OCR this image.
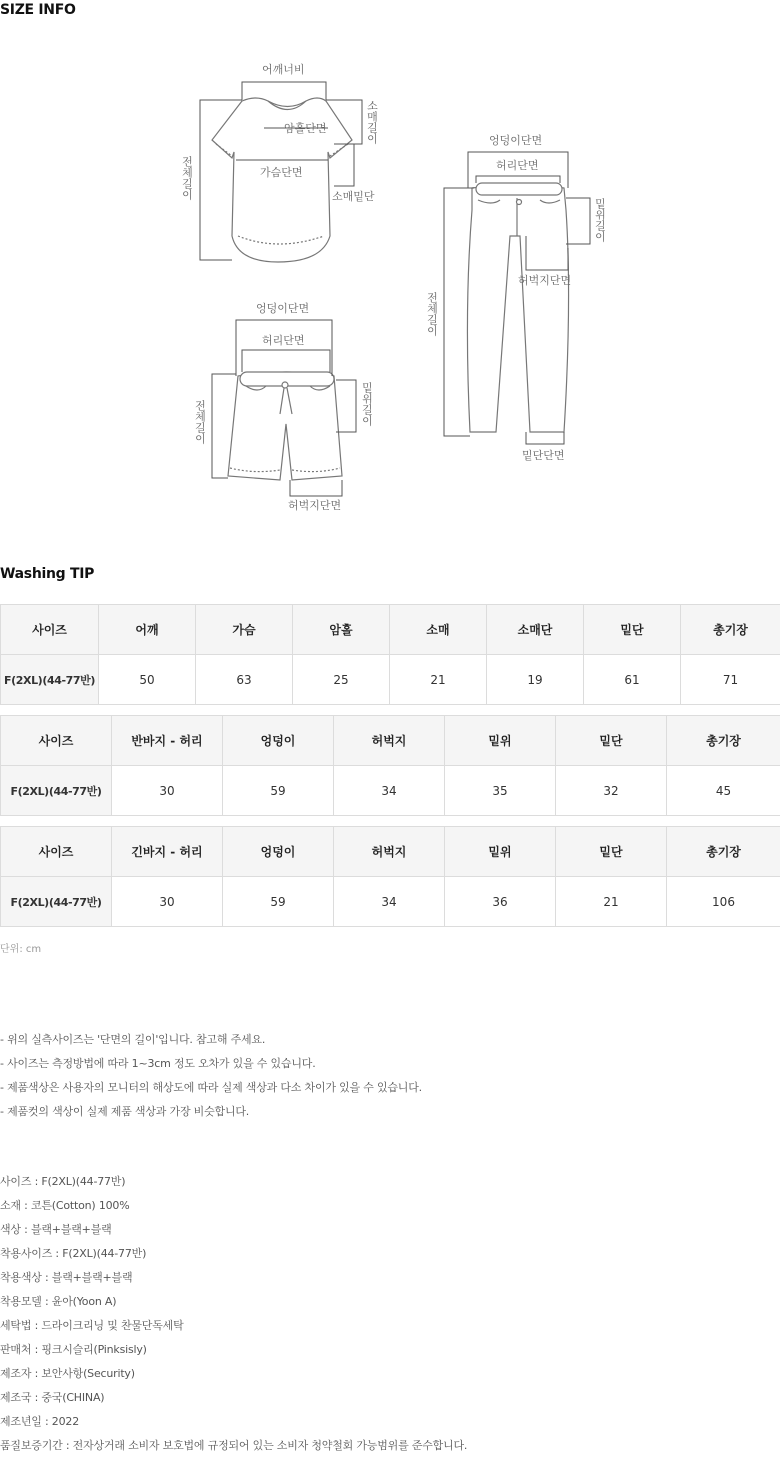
SIZE INFO
어깨너비
암홀단면
가슴단면
소매밑단
소매길이
전체길이
엉덩이단면
허리단면
허벅지단면
밑단단면
밑위길이
전체길이
엉덩이단면
허리단면
허벅지단면
밑위길이
전체길이
Washing TIP
사이즈	어깨	가슴	암홀	소매	소매단	밑단	총기장
F(2XL)(44-77반)	50	63	25	21	19	61	71
사이즈	반바지 - 허리	엉덩이	허벅지	밑위	밑단	총기장
F(2XL)(44-77반)	30	59	34	35	32	45
사이즈	긴바지 - 허리	엉덩이	허벅지	밑위	밑단	총기장
F(2XL)(44-77반)	30	59	34	36	21	106
단위: cm
- 위의 실측사이즈는 '단면의 길이'입니다. 참고해 주세요.
- 사이즈는 측정방법에 따라 1~3cm 정도 오차가 있을 수 있습니다.
- 제품색상은 사용자의 모니터의 해상도에 따라 실제 색상과 다소 차이가 있을 수 있습니다.
- 제품컷의 색상이 실제 제품 색상과 가장 비슷합니다.
사이즈 : F(2XL)(44-77반)
소재 : 코튼(Cotton) 100%
색상 : 블랙+블랙+블랙
착용사이즈 : F(2XL)(44-77반)
착용색상 : 블랙+블랙+블랙
착용모델 : 윤아(Yoon A)
세탁법 : 드라이크리닝 및 찬물단독세탁
판매처 : 핑크시슬리(Pinksisly)
제조자 : 보안사항(Security)
제조국 : 중국(CHINA)
제조년일 : 2022
품질보증기간 : 전자상거래 소비자 보호법에 규정되어 있는 소비자 청약철회 가능범위를 준수합니다.
